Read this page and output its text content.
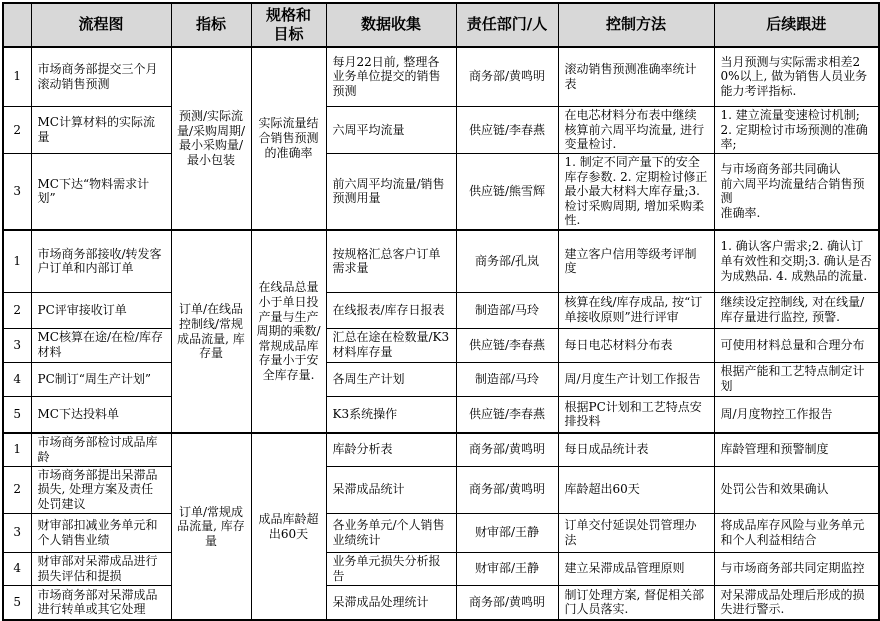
	流程图	指标	规格和
目标	数据收集	责任部门/人	控制方法	后续跟进
1	市场商务部提交三个月滚动销售预测	预测/实际流量/采购周期/最小采购量/最小包装	实际流量结合销售预测的准确率	每月22日前, 整理各业务单位提交的销售预测	商务部/黄鸣明	滚动销售预测准确率统计表	当月预测与实际需求相差20%以上, 做为销售人员业务能力考评指标.
2	MC计算材料的实际流量			六周平均流量	供应链/李春燕	在电芯材料分布表中继续核算前六周平均流量, 进行变量检讨.	1. 建立流量变速检讨机制;
2. 定期检讨市场预测的准确率;
3	MC下达“物料需求计划”			前六周平均流量/销售预测用量	供应链/熊雪辉	1. 制定不同产量下的安全库存参数. 2. 定期检讨修正最小最大材料大库存量;3. 检讨采购周期, 增加采购柔性.	与市场商务部共同确认
前六周平均流量结合销售预测
准确率.
1	市场商务部接收/转发客户订单和内部订单	订单/在线品控制线/常规成品流量, 库存量	在线品总量小于单日投产量与生产周期的乘数/常规成品库存量小于安全库存量.	按规格汇总客户订单需求量	商务部/孔岚	建立客户信用等级考评制度	1. 确认客户需求;2. 确认订单有效性和交期;3. 确认是否为成熟品. 4. 成熟品的流量.
2	PC评审接收订单			在线报表/库存日报表	制造部/马玲	核算在线/库存成品, 按“订单接收原则”进行评审	继续设定控制线, 对在线量/库存量进行监控, 预警.
3	MC核算在途/在检/库存材料			汇总在途在检数量/K3材料库存量	供应链/李春燕	每日电芯材料分布表	可使用材料总量和合理分布
4	PC制订“周生产计划”			各周生产计划	制造部/马玲	周/月度生产计划工作报告	根据产能和工艺特点制定计划
5	MC下达投料单			K3系统操作	供应链/李春燕	根据PC计划和工艺特点安排投料	周/月度物控工作报告
1	市场商务部检讨成品库龄	订单/常规成品流量, 库存量	成品库龄超出60天	库龄分析表	商务部/黄鸣明	每日成品统计表	库龄管理和预警制度
2	市场商务部提出呆滞品损失, 处理方案及责任处罚建议			呆滞成品统计	商务部/黄鸣明	库龄超出60天	处罚公告和效果确认
3	财审部扣减业务单元和个人销售业绩			各业务单元/个人销售业绩统计	财审部/王静	订单交付延误处罚管理办法	将成品库存风险与业务单元和个人利益相结合
4	财审部对呆滞成品进行损失评估和提损			业务单元损失分析报告	财审部/王静	建立呆滞成品管理原则	与市场商务部共同定期监控
5	市场商务部对呆滞成品进行转单或其它处理			呆滞成品处理统计	商务部/黄鸣明	制订处理方案, 督促相关部门人员落实.	对呆滞成品处理后形成的损失进行警示.
